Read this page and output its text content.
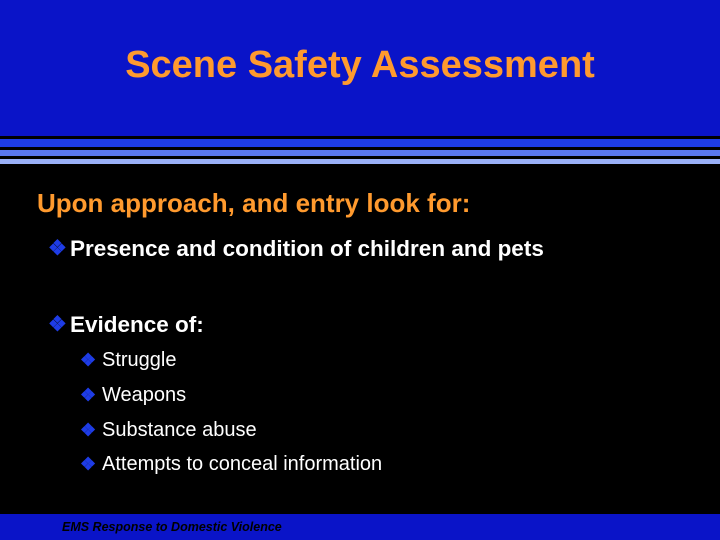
Scene Safety Assessment
Upon approach, and entry look for:
❖ Presence and condition of children and pets
❖ Evidence of:
❖ Struggle
❖ Weapons
❖ Substance abuse
❖ Attempts to conceal information
EMS Response to Domestic Violence
